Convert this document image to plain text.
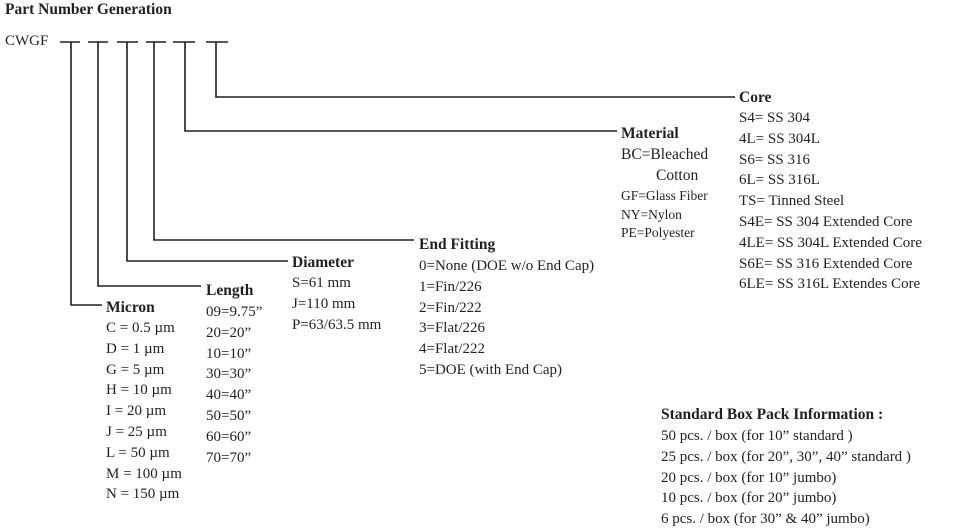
Part Number Generation
CWGF
Micron
C = 0.5 µm
D = 1 µm
G = 5 µm
H = 10 µm
I = 20 µm
J = 25 µm
L = 50 µm
M = 100 µm
N = 150 µm
Length
09=9.75”
20=20”
10=10”
30=30”
40=40”
50=50”
60=60”
70=70”
Diameter
S=61 mm
J=110 mm
P=63/63.5 mm
End Fitting
0=None (DOE w/o End Cap)
1=Fin/226
2=Fin/222
3=Flat/226
4=Flat/222
5=DOE (with End Cap)
Material
BC=Bleached
Cotton
GF=Glass Fiber
NY=Nylon
PE=Polyester
Core
S4= SS 304
4L= SS 304L
S6= SS 316
6L= SS 316L
TS= Tinned Steel
S4E= SS 304 Extended Core
4LE= SS 304L Extended Core
S6E= SS 316 Extended Core
6LE= SS 316L Extendes Core
Standard Box Pack Information :
50 pcs. / box (for 10” standard )
25 pcs. / box (for 20”, 30”, 40” standard )
20 pcs. / box (for 10” jumbo)
10 pcs. / box (for 20” jumbo)
6 pcs. / box (for 30” & 40” jumbo)
